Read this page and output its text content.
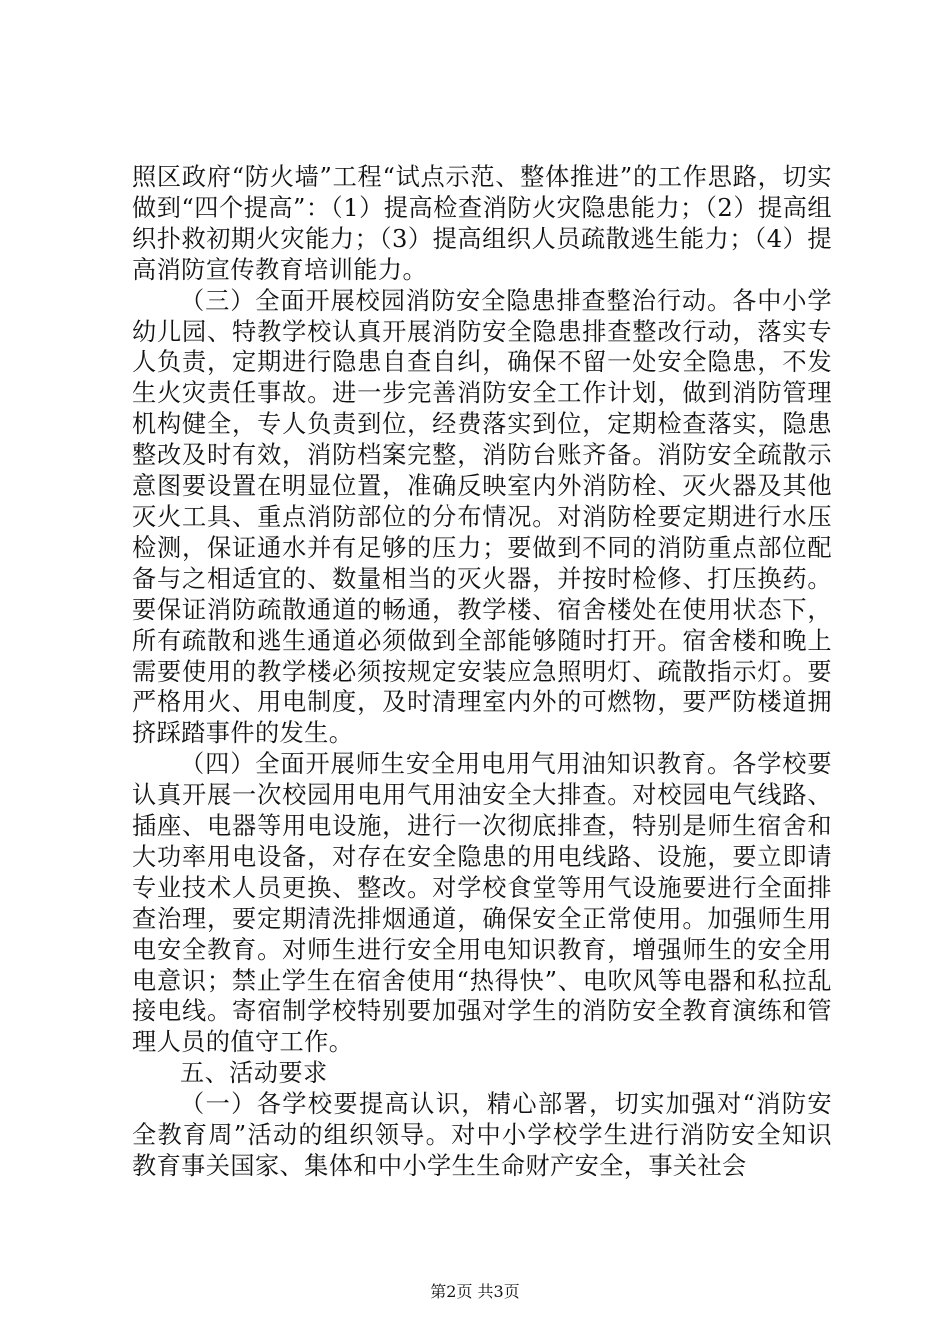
照区政府“防火墙”工程“试点示范、整体推进”的工作思路，切实做到“四个提高”：（1）提高检查消防火灾隐患能力；（2）提高组织扑救初期火灾能力；（3）提高组织人员疏散逃生能力；（4）提高消防宣传教育培训能力。

（三）全面开展校园消防安全隐患排查整治行动。各中小学幼儿园、特教学校认真开展消防安全隐患排查整改行动，落实专人负责，定期进行隐患自查自纠，确保不留一处安全隐患，不发生火灾责任事故。进一步完善消防安全工作计划，做到消防管理机构健全，专人负责到位，经费落实到位，定期检查落实，隐患整改及时有效，消防档案完整，消防台账齐备。消防安全疏散示意图要设置在明显位置，准确反映室内外消防栓、灭火器及其他灭火工具、重点消防部位的分布情况。对消防栓要定期进行水压检测，保证通水并有足够的压力；要做到不同的消防重点部位配备与之相适宜的、数量相当的灭火器，并按时检修、打压换药。要保证消防疏散通道的畅通，教学楼、宿舍楼处在使用状态下，所有疏散和逃生通道必须做到全部能够随时打开。宿舍楼和晚上需要使用的教学楼必须按规定安装应急照明灯、疏散指示灯。要严格用火、用电制度，及时清理室内外的可燃物，要严防楼道拥挤踩踏事件的发生。

（四）全面开展师生安全用电用气用油知识教育。各学校要认真开展一次校园用电用气用油安全大排查。对校园电气线路、插座、电器等用电设施，进行一次彻底排查，特别是师生宿舍和大功率用电设备，对存在安全隐患的用电线路、设施，要立即请专业技术人员更换、整改。对学校食堂等用气设施要进行全面排查治理，要定期清洗排烟通道，确保安全正常使用。加强师生用电安全教育。对师生进行安全用电知识教育，增强师生的安全用电意识；禁止学生在宿舍使用“热得快”、电吹风等电器和私拉乱接电线。寄宿制学校特别要加强对学生的消防安全教育演练和管理人员的值守工作。

五、活动要求

（一）各学校要提高认识，精心部署，切实加强对“消防安全教育周”活动的组织领导。对中小学校学生进行消防安全知识教育事关国家、集体和中小学生生命财产安全，事关社会

第2页 共3页
